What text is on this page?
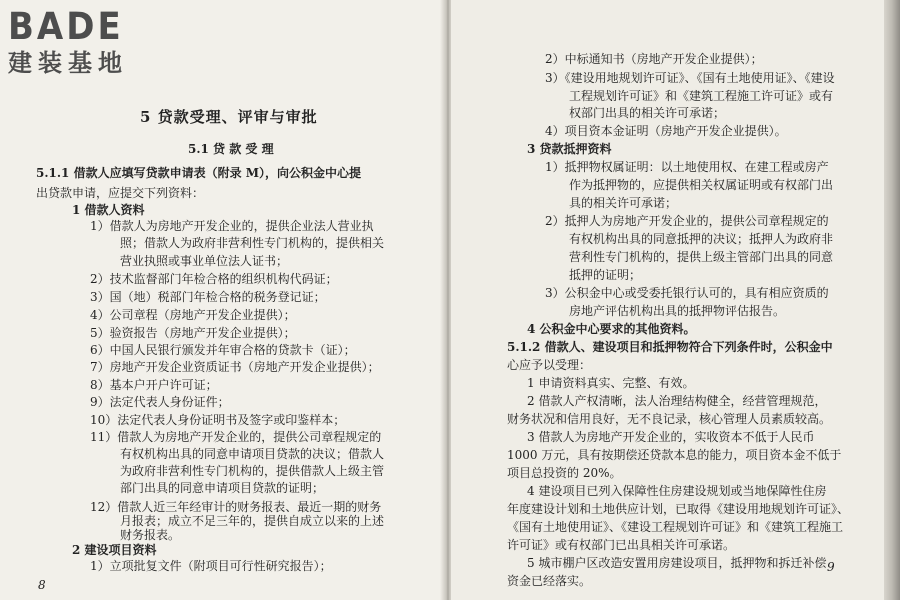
BADE
建装基地
5 贷款受理、评审与审批
5.1 贷 款 受 理
5.1.1 借款人应填写贷款申请表（附录 M），向公积金中心提
出贷款申请，应提交下列资料：
1 借款人资料
1）借款人为房地产开发企业的，提供企业法人营业执
照；借款人为政府非营利性专门机构的，提供相关
营业执照或事业单位法人证书；
2）技术监督部门年检合格的组织机构代码证；
3）国（地）税部门年检合格的税务登记证；
4）公司章程（房地产开发企业提供）；
5）验资报告（房地产开发企业提供）；
6）中国人民银行颁发并年审合格的贷款卡（证）；
7）房地产开发企业资质证书（房地产开发企业提供）；
8）基本户开户许可证；
9）法定代表人身份证件；
10）法定代表人身份证明书及签字或印鉴样本；
11）借款人为房地产开发企业的，提供公司章程规定的
有权机构出具的同意申请项目贷款的决议；借款人
为政府非营利性专门机构的，提供借款人上级主管
部门出具的同意申请项目贷款的证明；
12）借款人近三年经审计的财务报表、最近一期的财务
月报表；成立不足三年的，提供自成立以来的上述
财务报表。
8
2 建设项目资料
1）立项批复文件（附项目可行性研究报告）；
2）中标通知书（房地产开发企业提供）；
3）《建设用地规划许可证》、《国有土地使用证》、《建设
工程规划许可证》和《建筑工程施工许可证》或有
权部门出具的相关许可承诺；
4）项目资本金证明（房地产开发企业提供）。
3 贷款抵押资料
1）抵押物权属证明：以土地使用权、在建工程或房产
作为抵押物的，应提供相关权属证明或有权部门出
具的相关许可承诺；
2）抵押人为房地产开发企业的，提供公司章程规定的
有权机构出具的同意抵押的决议；抵押人为政府非
营利性专门机构的，提供上级主管部门出具的同意
抵押的证明；
3）公积金中心或受委托银行认可的，具有相应资质的
房地产评估机构出具的抵押物评估报告。
4 公积金中心要求的其他资料。
5.1.2 借款人、建设项目和抵押物符合下列条件时，公积金中
心应予以受理：
1 申请资料真实、完整、有效。
2 借款人产权清晰，法人治理结构健全，经营管理规范，
财务状况和信用良好，无不良记录，核心管理人员素质较高。
3 借款人为房地产开发企业的，实收资本不低于人民币
1000 万元，具有按期偿还贷款本息的能力，项目资本金不低于
项目总投资的 20%。
4 建设项目已列入保障性住房建设规划或当地保障性住房
年度建设计划和土地供应计划，已取得《建设用地规划许可证》、
《国有土地使用证》、《建设工程规划许可证》和《建筑工程施工
许可证》或有权部门已出具相关许可承诺。
5 城市棚户区改造安置用房建设项目，抵押物和拆迁补偿
资金已经落实。
9
